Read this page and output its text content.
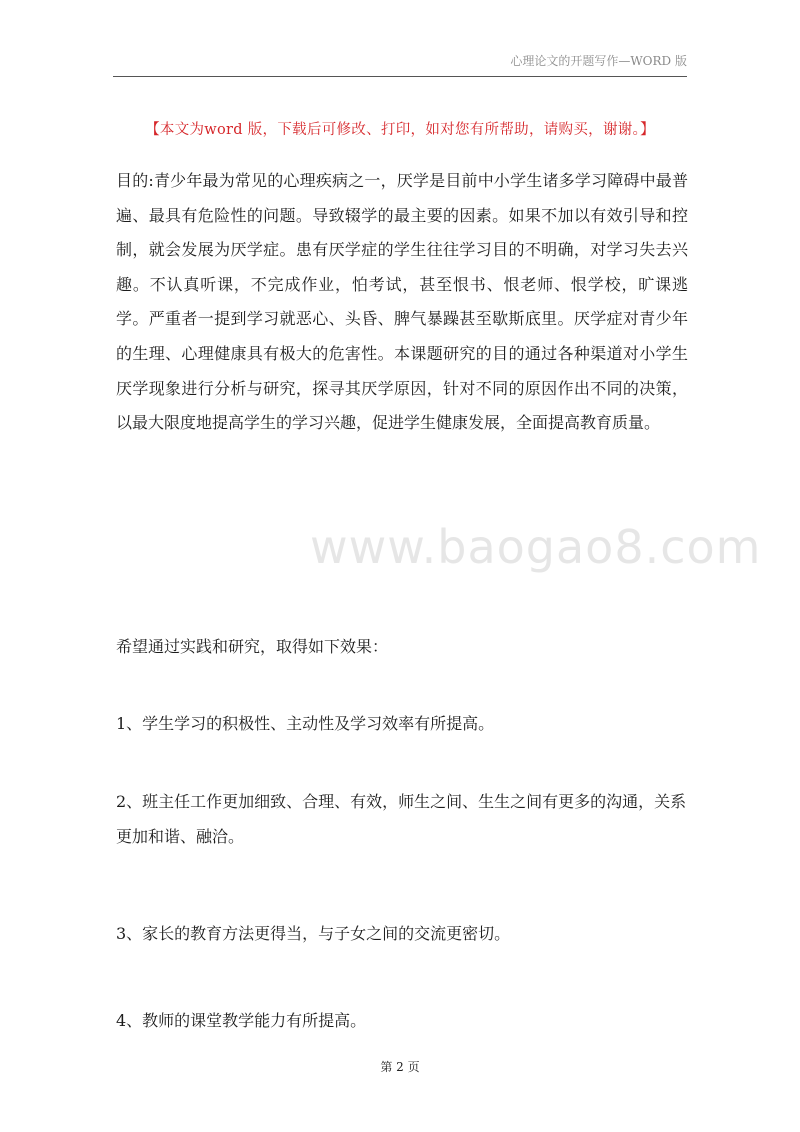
心理论文的开题写作—WORD 版
【本文为word 版，下载后可修改、打印，如对您有所帮助，请购买，谢谢。】

目的:青少年最为常见的心理疾病之一，厌学是目前中小学生诸多学习障碍中最普遍、最具有危险性的问题。导致辍学的最主要的因素。如果不加以有效引导和控制，就会发展为厌学症。患有厌学症的学生往往学习目的不明确，对学习失去兴趣。不认真听课，不完成作业，怕考试，甚至恨书、恨老师、恨学校，旷课逃学。严重者一提到学习就恶心、头昏、脾气暴躁甚至歇斯底里。厌学症对青少年的生理、心理健康具有极大的危害性。本课题研究的目的通过各种渠道对小学生厌学现象进行分析与研究，探寻其厌学原因，针对不同的原因作出不同的决策，以最大限度地提高学生的学习兴趣，促进学生健康发展，全面提高教育质量。

www.baogao8.com
希望通过实践和研究，取得如下效果：
1、学生学习的积极性、主动性及学习效率有所提高。
2、班主任工作更加细致、合理、有效，师生之间、生生之间有更多的沟通，关系更加和谐、融洽。
3、家长的教育方法更得当，与子女之间的交流更密切。
4、教师的课堂教学能力有所提高。
第 2 页
